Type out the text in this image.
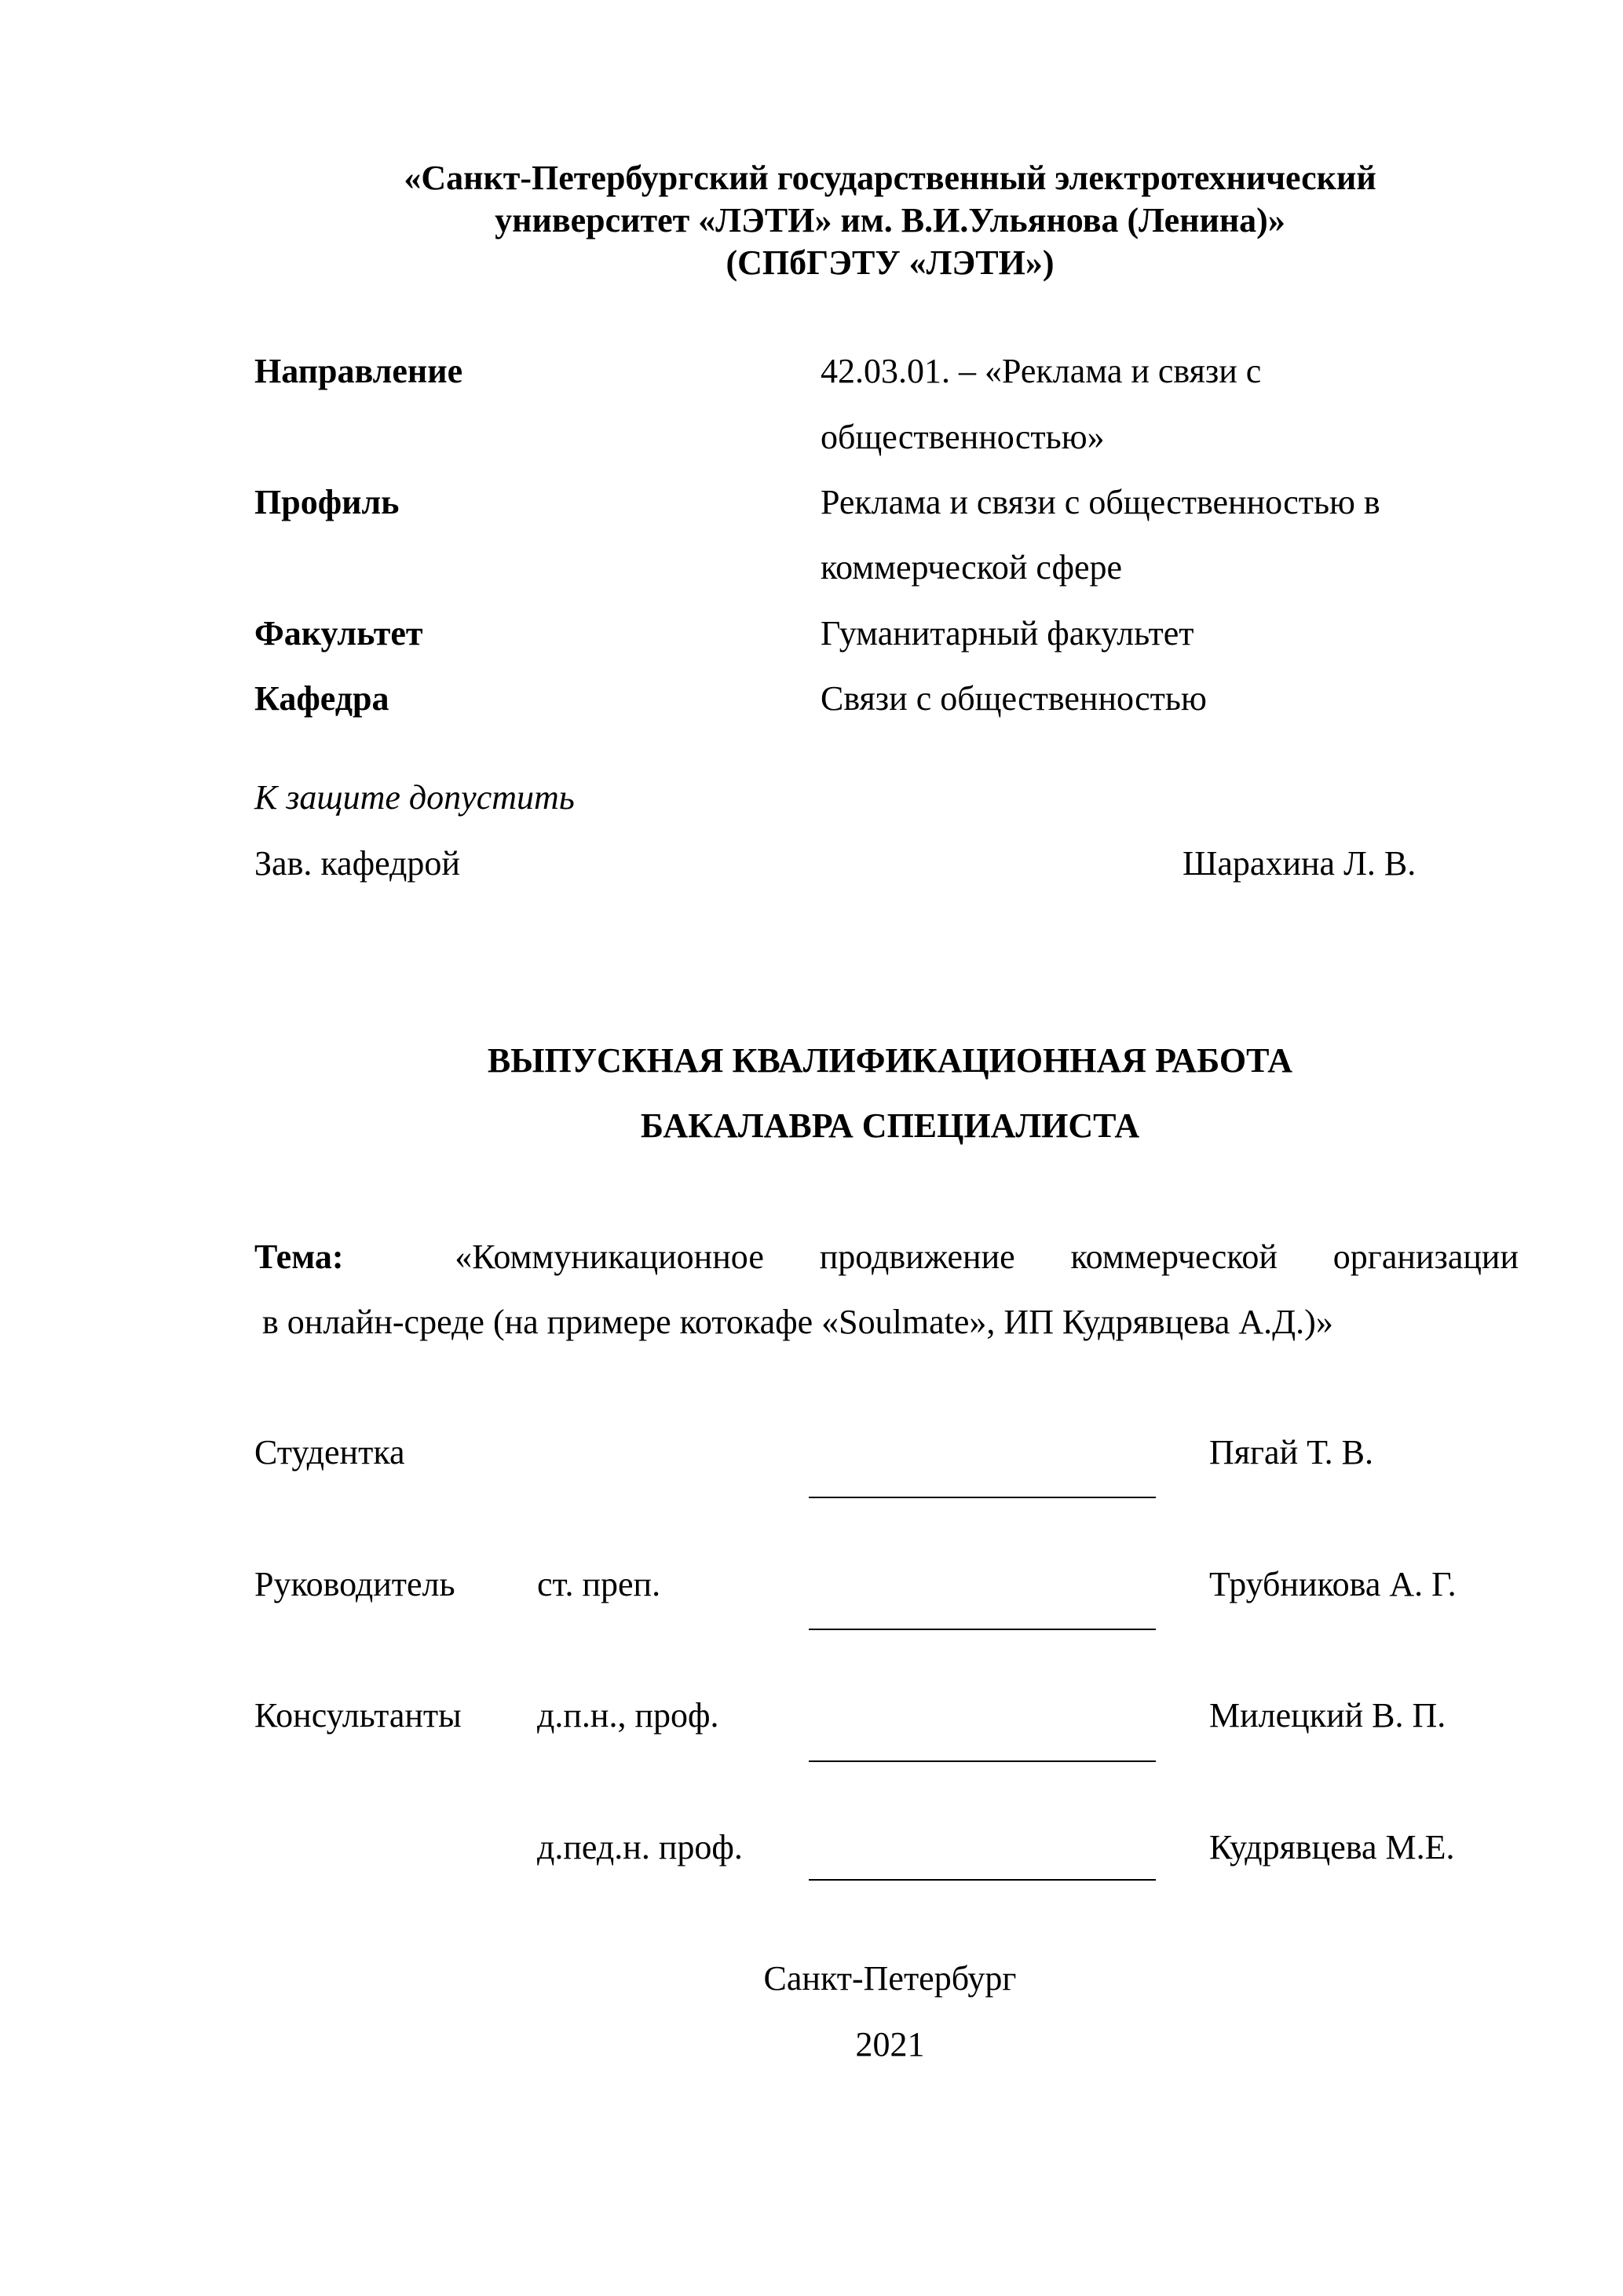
«Санкт-Петербургский государственный электротехнический
университет «ЛЭТИ» им. В.И.Ульянова (Ленина)»
(СПбГЭТУ «ЛЭТИ»)
Направление	42.03.01. – «Реклама и связи с
общественностью»
Профиль	Реклама и связи с общественностью в
коммерческой сфере
Факультет	Гуманитарный факультет
Кафедра	Связи с общественностью
К защите допустить
Зав. кафедрой	Шарахина Л. В.
ВЫПУСКНАЯ КВАЛИФИКАЦИОННАЯ РАБОТА
БАКАЛАВРА СПЕЦИАЛИСТА
Тема:	«Коммуникационное продвижение коммерческой организации
в онлайн-среде (на примере котокафе «Soulmate», ИП Кудрявцева А.Д.)»
Студентка	Пягай Т. В.
Руководитель ст. преп.	Трубникова А. Г.
Консультанты д.п.н., проф.	Милецкий В. П.
д.пед.н. проф.	Кудрявцева М.Е.
Санкт-Петербург
2021
